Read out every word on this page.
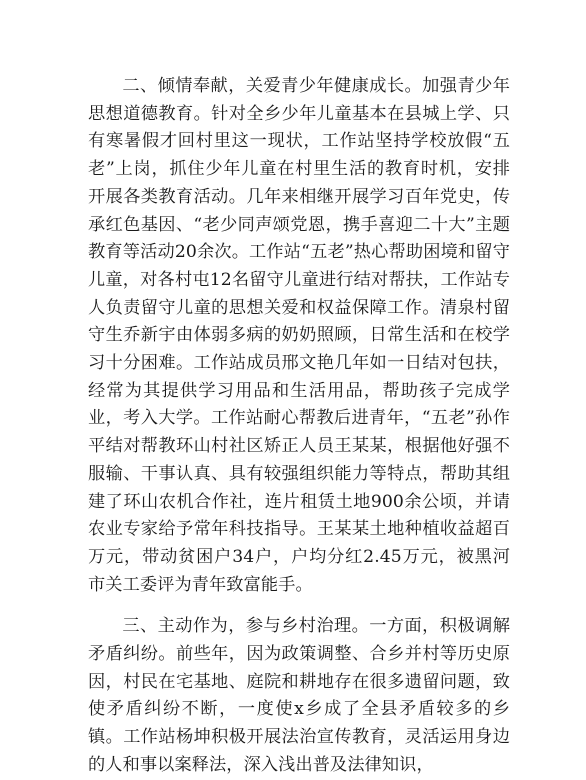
二、倾情奉献，关爱青少年健康成长。加强青少年思想道德教育。针对全乡少年儿童基本在县城上学、只有寒暑假才回村里这一现状，工作站坚持学校放假“五老”上岗，抓住少年儿童在村里生活的教育时机，安排开展各类教育活动。几年来相继开展学习百年党史，传承红色基因、“老少同声颂党恩，携手喜迎二十大”主题教育等活动20余次。工作站“五老”热心帮助困境和留守儿童，对各村屯12名留守儿童进行结对帮扶，工作站专人负责留守儿童的思想关爱和权益保障工作。清泉村留守生乔新宇由体弱多病的奶奶照顾，日常生活和在校学习十分困难。工作站成员邢文艳几年如一日结对包扶，经常为其提供学习用品和生活用品，帮助孩子完成学业，考入大学。工作站耐心帮教后进青年，“五老”孙作平结对帮教环山村社区矫正人员王某某，根据他好强不服输、干事认真、具有较强组织能力等特点，帮助其组建了环山农机合作社，连片租赁土地900余公顷，并请农业专家给予常年科技指导。王某某土地种植收益超百万元，带动贫困户34户，户均分红2.45万元，被黑河市关工委评为青年致富能手。

三、主动作为，参与乡村治理。一方面，积极调解矛盾纠纷。前些年，因为政策调整、合乡并村等历史原因，村民在宅基地、庭院和耕地存在很多遗留问题，致使矛盾纠纷不断，一度使x乡成了全县矛盾较多的乡镇。工作站杨坤积极开展法治宣传教育，灵活运用身边的人和事以案释法，深入浅出普及法律知识，
